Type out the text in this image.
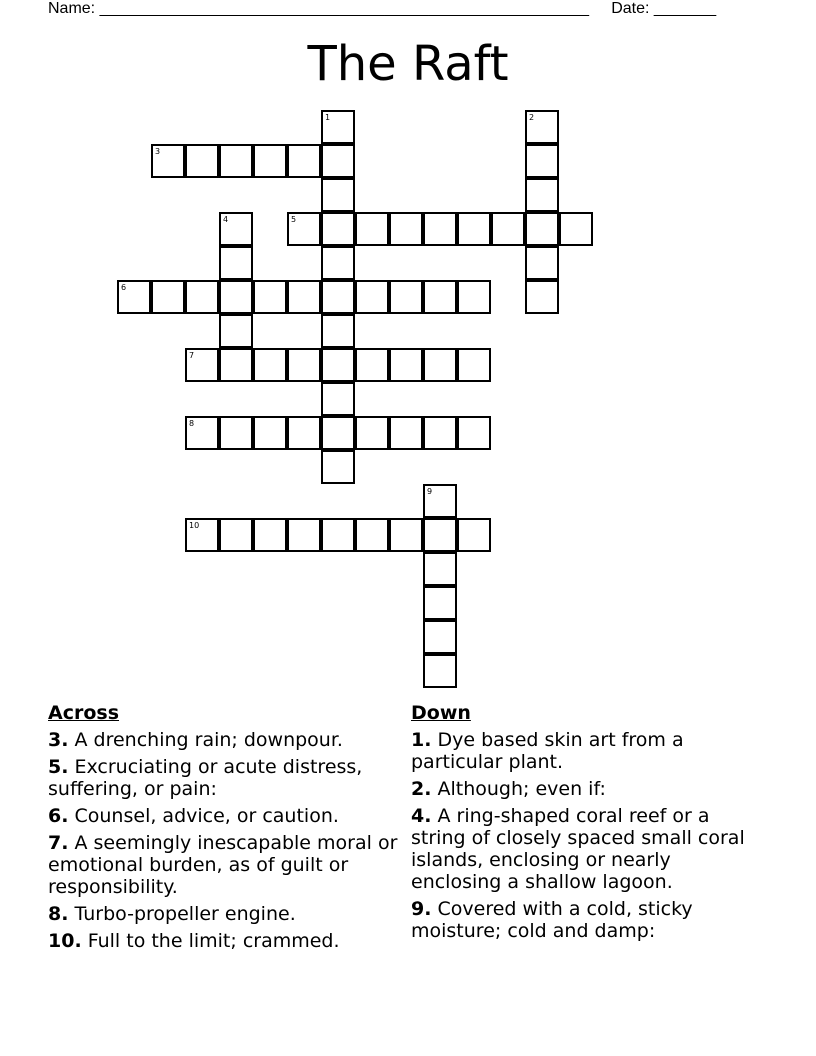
Name: _______________________________________________________     Date: _______
The Raft
1	2
3
4	5
6
7
8
9
10
Across
3. A drenching rain; downpour.
5. Excruciating or acute distress, suffering, or pain:
6. Counsel, advice, or caution.
7. A seemingly inescapable moral or emotional burden, as of guilt or responsibility.
8. Turbo-propeller engine.
10. Full to the limit; crammed.
Down
1. Dye based skin art from a particular plant.
2. Although; even if:
4. A ring-shaped coral reef or a string of closely spaced small coral islands, enclosing or nearly enclosing a shallow lagoon.
9. Covered with a cold, sticky moisture; cold and damp:
